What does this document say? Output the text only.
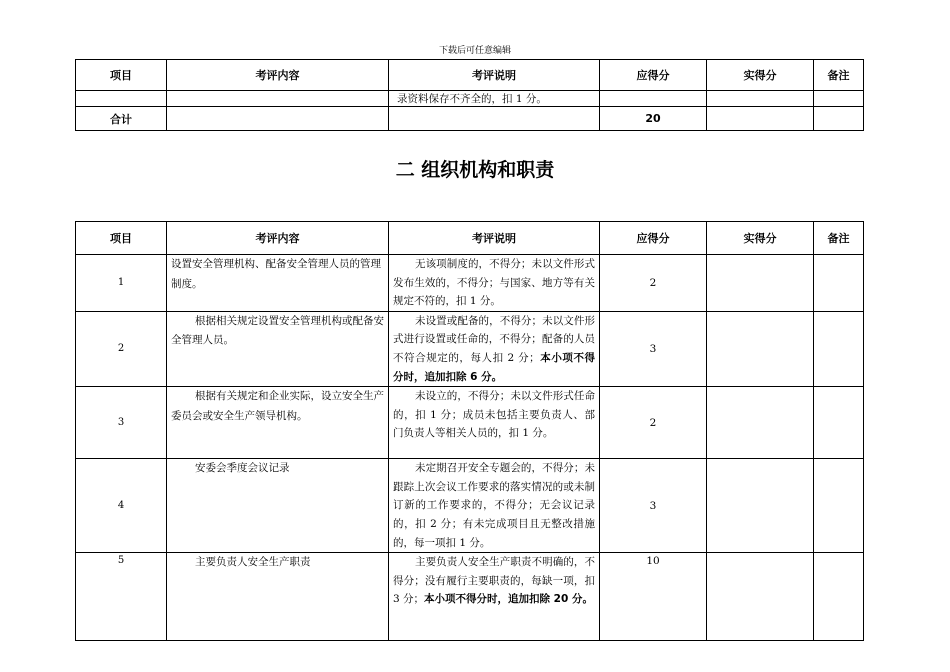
下载后可任意编辑
项目	考评内容	考评说明	应得分	实得分	备注
		录资料保存不齐全的，扣 1 分。			
合计			20		
二 组织机构和职责
项目	考评内容	考评说明	应得分	实得分	备注
1	设置安全管理机构、配备安全管理人员的管理制度。	无该项制度的，不得分；未以文件形式发布生效的，不得分；与国家、地方等有关规定不符的，扣 1 分。	2		
2	根据相关规定设置安全管理机构或配备安全管理人员。	未设置或配备的，不得分；未以文件形式进行设置或任命的，不得分；配备的人员不符合规定的，每人扣 2 分；本小项不得分时，追加扣除 6 分。	3		
3	根据有关规定和企业实际，设立安全生产委员会或安全生产领导机构。	未设立的，不得分；未以文件形式任命的，扣 1 分；成员未包括主要负责人、部门负责人等相关人员的，扣 1 分。	2		
4	安委会季度会议记录	未定期召开安全专题会的，不得分；未跟踪上次会议工作要求的落实情况的或未制订新的工作要求的，不得分；无会议记录的，扣 2 分；有未完成项目且无整改措施的，每一项扣 1 分。	3		
5	主要负责人安全生产职责	主要负责人安全生产职责不明确的，不得分；没有履行主要职责的，每缺一项，扣 3 分；本小项不得分时，追加扣除 20 分。	10		
